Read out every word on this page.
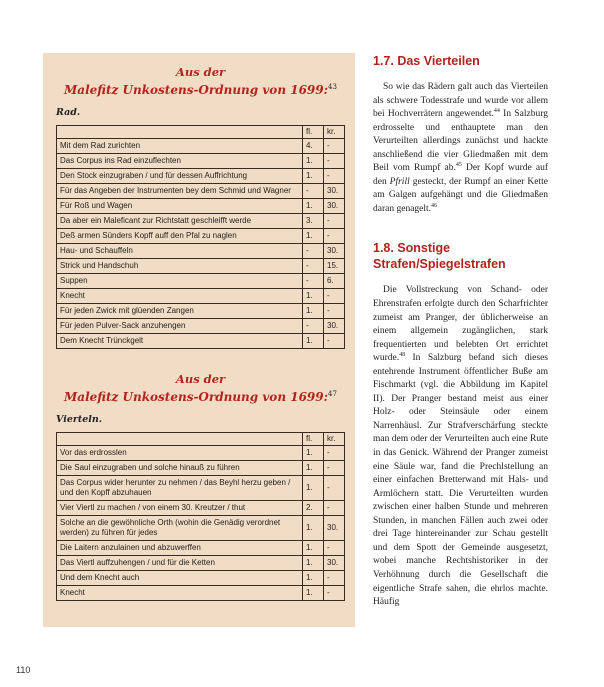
Aus der
Malefitz Unkostens-Ordnung von 1699:$^{43}$
Rad.
	fl.	kr.
Mit dem Rad zurichten	4.	-
Das Corpus ins Rad einzuflechten	1.	-
Den Stock einzugraben / und für dessen Auffrichtung	1.	-
Für das Angeben der Instrumenten bey dem Schmid und Wagner	-	30.
Für Roß und Wagen	1.	30.
Da aber ein Maleficant zur Richtstatt geschleifft werde	3.	-
Deß armen Sünders Kopff auff den Pfal zu naglen	1.	-
Hau- und Schauffeln	-	30.
Strick und Handschuh	-	15.
Suppen	-	6.
Knecht	1.	-
Für jeden Zwick mit glüenden Zangen	1.	-
Für jeden Pulver-Sack anzuhengen	-	30.
Dem Knecht Trünckgelt	1.	-
Aus der
Malefitz Unkostens-Ordnung von 1699:$^{47}$
Vierteln.
	fl.	kr.
Vor das erdrosslen	1.	-
Die Saul einzugraben und solche hinauß zu führen	1.	-
Das Corpus wider herunter zu nehmen / das Beyhl herzu geben / und den Kopff abzuhauen	1.	-
Vier Viertl zu machen / von einem 30. Kreutzer / thut	2.	-
Solche an die gewöhnliche Orth (wohin die Genädig verordnet werden) zu führen für jedes	1.	30.
Die Laitern anzulainen und abzuwerffen	1.	-
Das Viertl auffzuhengen / und für die Ketten	1.	30.
Und dem Knecht auch	1.	-
Knecht	1.	-
110
1.7. Das Vierteilen

So wie das Rädern galt auch das Vierteilen als schwere Todesstrafe und wurde vor allem bei Hochverrätern angewendet.$^{44}$ In Salzburg erdrosselte und enthauptete man den Verurteilten allerdings zunächst und hackte anschließend die vier Gliedmaßen mit dem Beil vom Rumpf ab.$^{45}$ Der Kopf wurde auf den Pfrill gesteckt, der Rumpf an einer Kette am Galgen aufgehängt und die Gliedmaßen daran genagelt.$^{46}$

1.8. Sonstige Strafen/Spiegelstrafen

Die Vollstreckung von Schand- oder Ehrenstrafen erfolgte durch den Scharfrichter zumeist am Pranger, der üblicherweise an einem allgemein zugänglichen, stark frequentierten und belebten Ort errichtet wurde.$^{48}$ In Salzburg befand sich dieses entehrende Instrument öffentlicher Buße am Fischmarkt (vgl. die Abbildung im Kapitel II). Der Pranger bestand meist aus einer Holz- oder Steinsäule oder einem Narrenhäusl. Zur Strafverschärfung steckte man dem oder der Verurteilten auch eine Rute in das Genick. Während der Pranger zumeist eine Säule war, fand die Prechlstellung an einer einfachen Bretterwand mit Hals- und Armlöchern statt. Die Verurteilten wurden zwischen einer halben Stunde und mehreren Stunden, in manchen Fällen auch zwei oder drei Tage hintereinander zur Schau gestellt und dem Spott der Gemeinde ausgesetzt, wobei manche Rechtshistoriker in der Verhöhnung durch die Gesellschaft die eigentliche Strafe sahen, die ehrlos machte. Häufig
